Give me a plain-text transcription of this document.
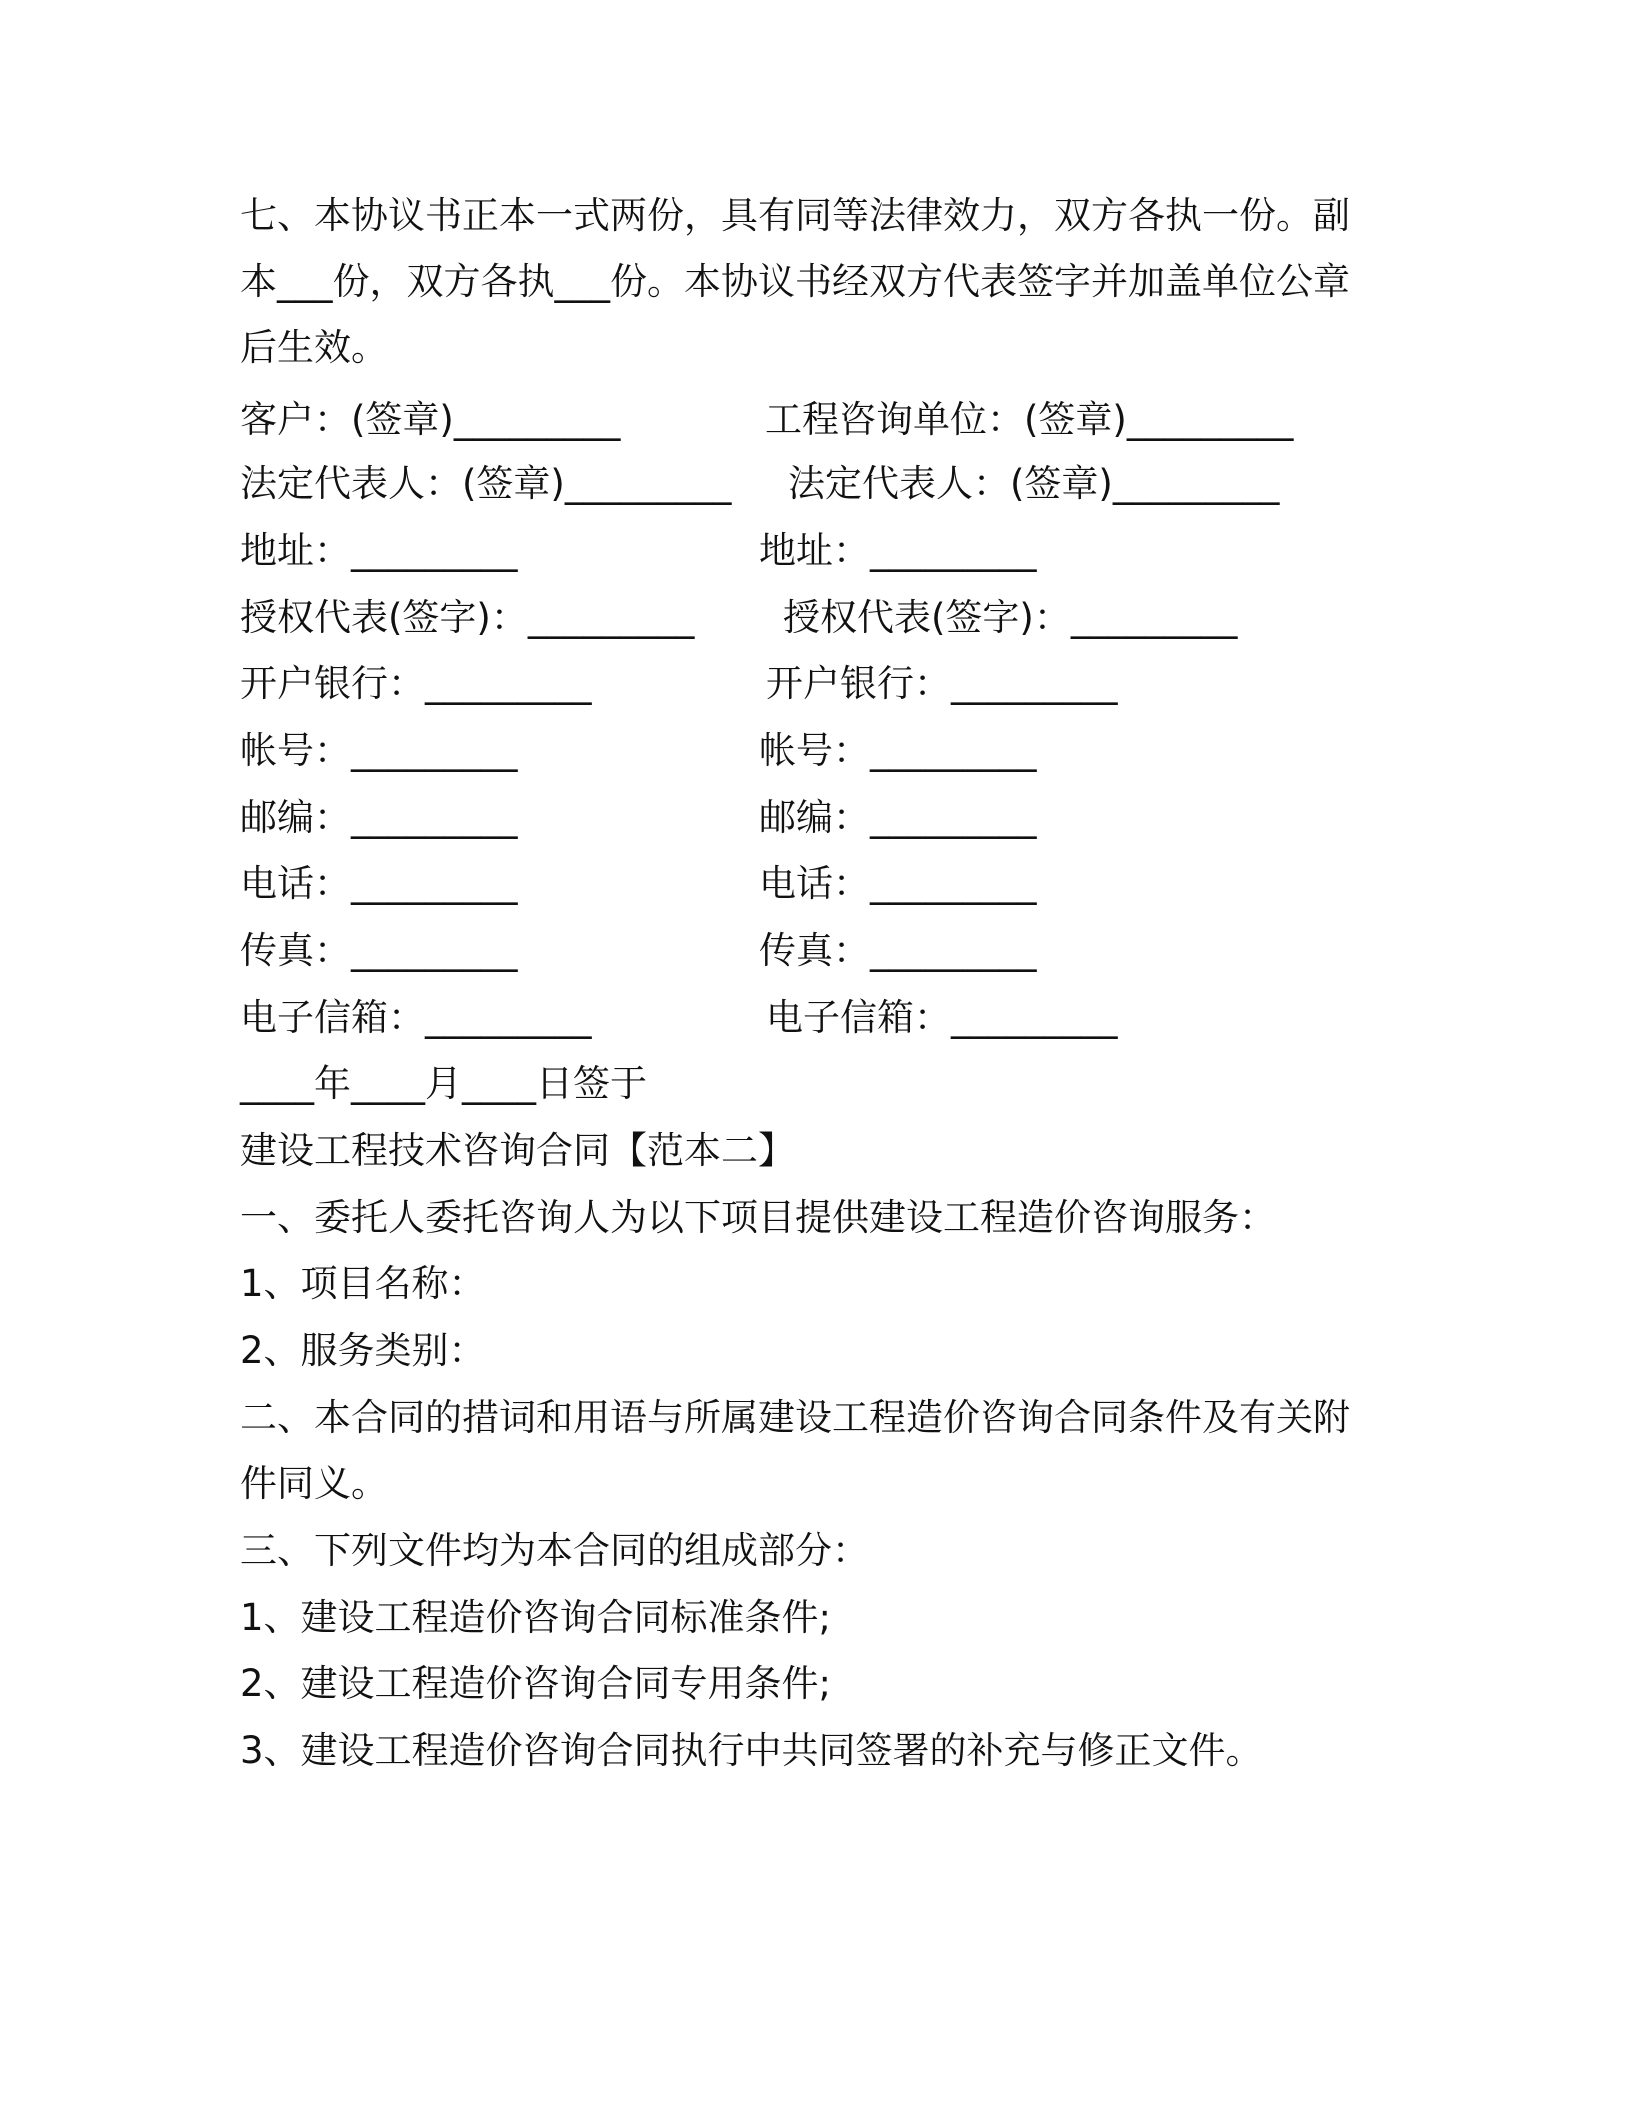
七、本协议书正本一式两份，具有同等法律效力，双方各执一份。副
本___份，双方各执___份。本协议书经双方代表签字并加盖单位公章
后生效。
客户：(签章)_________	工程咨询单位：(签章)_________
法定代表人：(签章)_________ 法定代表人：(签章)_________
地址：_________	地址：_________
授权代表(签字)：_________ 授权代表(签字)：_________
开户银行：_________	开户银行：_________
帐号：_________	帐号：_________
邮编：_________	邮编：_________
电话：_________	电话：_________
传真：_________	传真：_________
电子信箱：_________	电子信箱：_________
____年____月____日签于
建设工程技术咨询合同【范本二】
一、委托人委托咨询人为以下项目提供建设工程造价咨询服务：
1、项目名称：
2、服务类别：
二、本合同的措词和用语与所属建设工程造价咨询合同条件及有关附
件同义。
三、下列文件均为本合同的组成部分：
1、建设工程造价咨询合同标准条件;
2、建设工程造价咨询合同专用条件;
3、建设工程造价咨询合同执行中共同签署的补充与修正文件。
